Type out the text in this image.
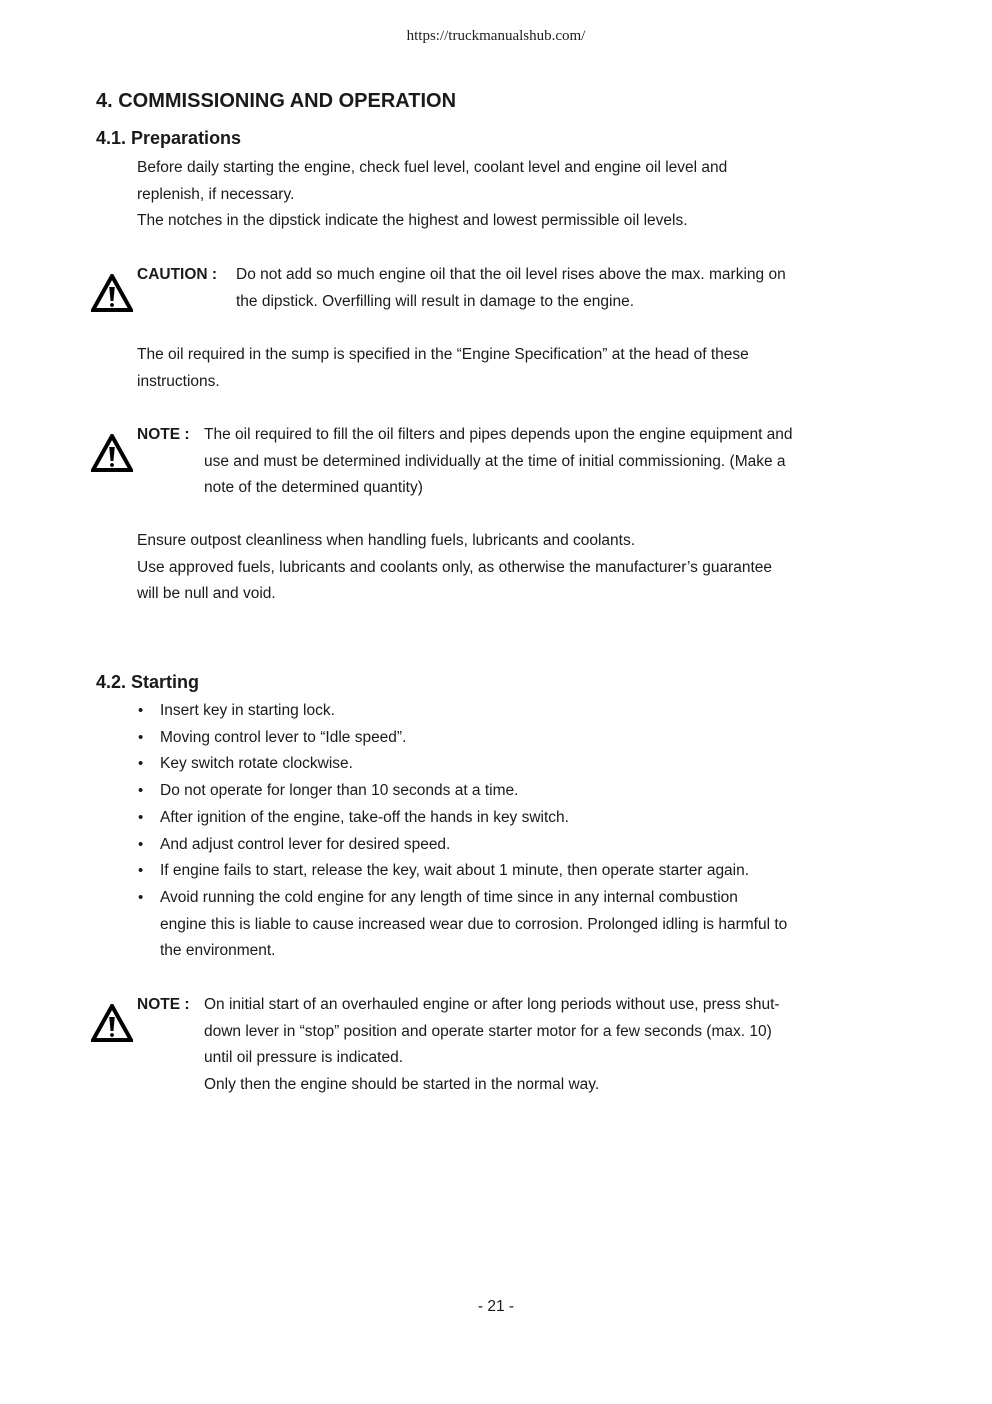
https://truckmanualshub.com/
4. COMMISSIONING AND OPERATION
4.1. Preparations
Before daily starting the engine, check fuel level, coolant level and engine oil level and
replenish, if necessary.
The notches in the dipstick indicate the highest and lowest permissible oil levels.
CAUTION : Do not add so much engine oil that the oil level rises above the max. marking on
the dipstick. Overfilling will result in damage to the engine.
The oil required in the sump is specified in the “Engine Specification” at the head of these
instructions.
NOTE : The oil required to fill the oil filters and pipes depends upon the engine equipment and
use and must be determined individually at the time of initial commissioning. (Make a
note of the determined quantity)
Ensure outpost cleanliness when handling fuels, lubricants and coolants.
Use approved fuels, lubricants and coolants only, as otherwise the manufacturer’s guarantee
will be null and void.
4.2. Starting
• Insert key in starting lock.
• Moving control lever to “Idle speed”.
• Key switch rotate clockwise.
• Do not operate for longer than 10 seconds at a time.
• After ignition of the engine, take-off the hands in key switch.
• And adjust control lever for desired speed.
• If engine fails to start, release the key, wait about 1 minute, then operate starter again.
• Avoid running the cold engine for any length of time since in any internal combustion
engine this is liable to cause increased wear due to corrosion. Prolonged idling is harmful to
the environment.
NOTE : On initial start of an overhauled engine or after long periods without use, press shut-
down lever in “stop” position and operate starter motor for a few seconds (max. 10)
until oil pressure is indicated.
Only then the engine should be started in the normal way.
- 21 -
